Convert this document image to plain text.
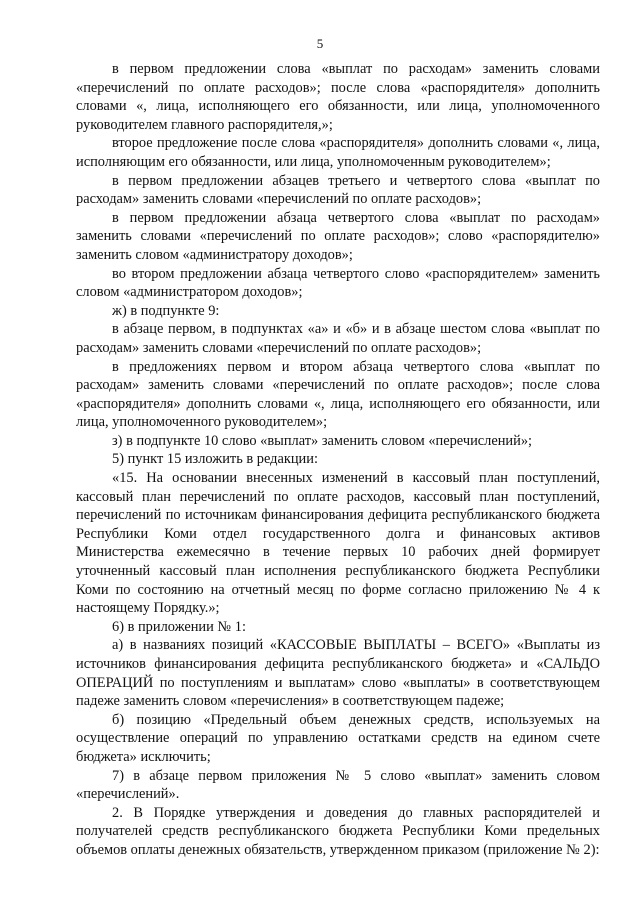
5

в первом предложении слова «выплат по расходам» заменить словами «перечислений по оплате расходов»; после слова «распорядителя» дополнить словами «, лица, исполняющего его обязанности, или лица, уполномоченного руководителем главного распорядителя,»;

второе предложение после слова «распорядителя» дополнить словами «, лица, исполняющим его обязанности, или лица, уполномоченным руководителем»;

в первом предложении абзацев третьего и четвертого слова «выплат по расходам» заменить словами «перечислений по оплате расходов»;

в первом предложении абзаца четвертого слова «выплат по расходам» заменить словами «перечислений по оплате расходов»; слово «распорядителю» заменить словом «администратору доходов»;

во втором предложении абзаца четвертого слово «распорядителем» заменить словом «администратором доходов»;

ж) в подпункте 9:

в абзаце первом, в подпунктах «а» и «б» и в абзаце шестом слова «выплат по расходам» заменить словами «перечислений по оплате расходов»;

в предложениях первом и втором абзаца четвертого слова «выплат по расходам» заменить словами «перечислений по оплате расходов»; после слова «распорядителя» дополнить словами «, лица, исполняющего его обязанности, или лица, уполномоченного руководителем»;

з) в подпункте 10 слово «выплат» заменить словом «перечислений»;

5) пункт 15 изложить в редакции:

«15. На основании внесенных изменений в кассовый план поступлений, кассовый план перечислений по оплате расходов, кассовый план поступлений, перечислений по источникам финансирования дефицита республиканского бюджета Республики Коми отдел государственного долга и финансовых активов Министерства ежемесячно в течение первых 10 рабочих дней формирует уточненный кассовый план исполнения республиканского бюджета Республики Коми по состоянию на отчетный месяц по форме согласно приложению № 4 к настоящему Порядку.»;

6) в приложении № 1:

а) в названиях позиций «КАССОВЫЕ ВЫПЛАТЫ – ВСЕГО» «Выплаты из источников финансирования дефицита республиканского бюджета» и «САЛЬДО ОПЕРАЦИЙ по поступлениям и выплатам» слово «выплаты» в соответствующем падеже заменить словом «перечисления» в соответствующем падеже;

б) позицию «Предельный объем денежных средств, используемых на осуществление операций по управлению остатками средств на едином счете бюджета» исключить;

7) в абзаце первом приложения № 5 слово «выплат» заменить словом «перечислений».

2. В Порядке утверждения и доведения до главных распорядителей и получателей средств республиканского бюджета Республики Коми предельных объемов оплаты денежных обязательств, утвержденном приказом (приложение № 2):
